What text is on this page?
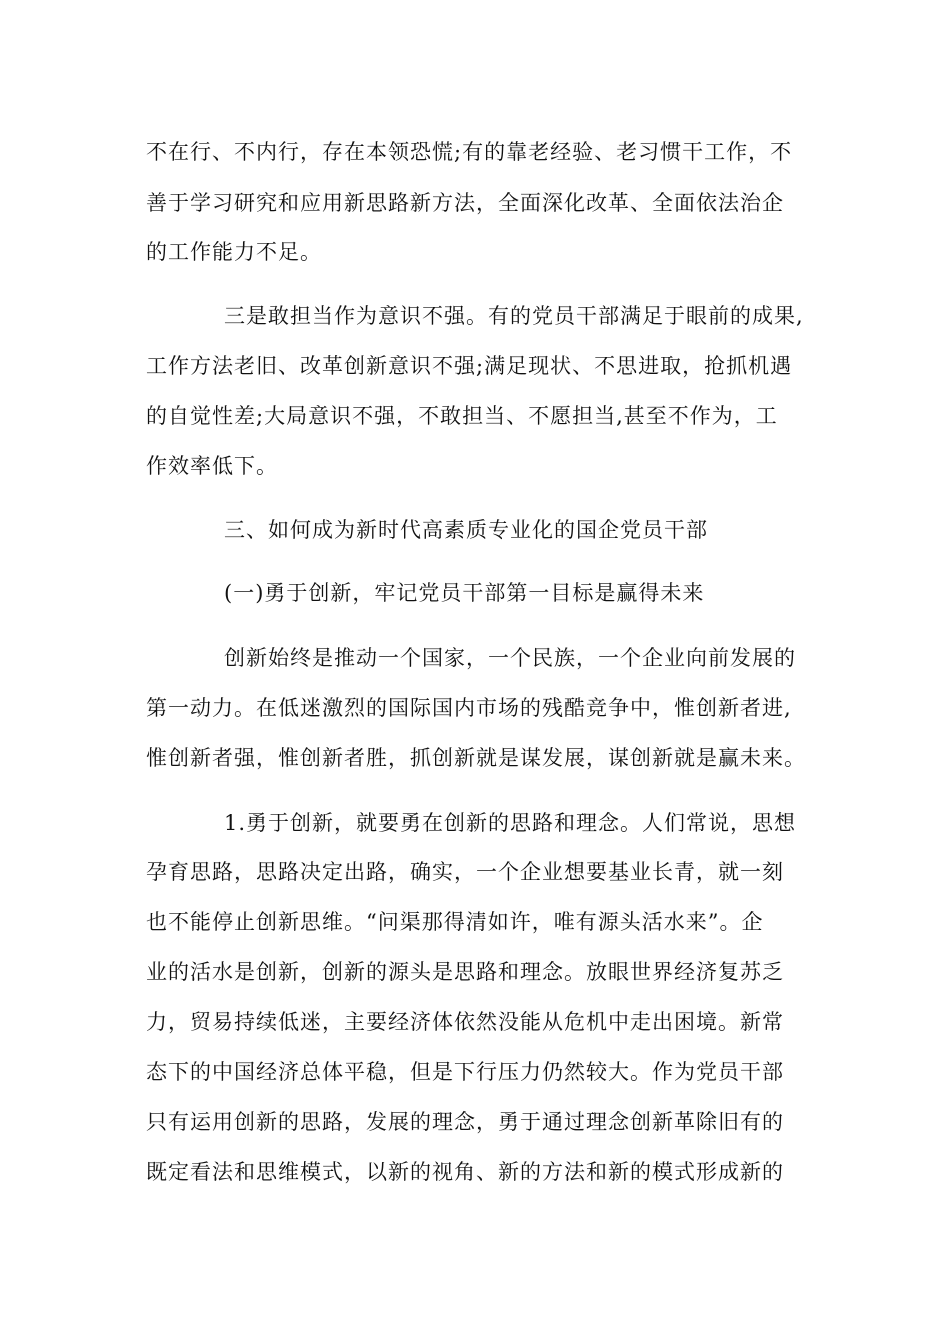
不在行、不内行，存在本领恐慌;有的靠老经验、老习惯干工作，不
善于学习研究和应用新思路新方法，全面深化改革、全面依法治企
的工作能力不足。
三是敢担当作为意识不强。有的党员干部满足于眼前的成果,
工作方法老旧、改革创新意识不强;满足现状、不思进取，抢抓机遇
的自觉性差;大局意识不强，不敢担当、不愿担当,甚至不作为，工
作效率低下。
三、如何成为新时代高素质专业化的国企党员干部
(一)勇于创新，牢记党员干部第一目标是赢得未来
创新始终是推动一个国家，一个民族，一个企业向前发展的
第一动力。在低迷激烈的国际国内市场的残酷竞争中，惟创新者进,
惟创新者强，惟创新者胜，抓创新就是谋发展，谋创新就是赢未来。
1.勇于创新，就要勇在创新的思路和理念。人们常说，思想
孕育思路，思路决定出路，确实，一个企业想要基业长青，就一刻
也不能停止创新思维。“问渠那得清如许，唯有源头活水来”。企
业的活水是创新，创新的源头是思路和理念。放眼世界经济复苏乏
力，贸易持续低迷，主要经济体依然没能从危机中走出困境。新常
态下的中国经济总体平稳，但是下行压力仍然较大。作为党员干部
只有运用创新的思路，发展的理念，勇于通过理念创新革除旧有的
既定看法和思维模式，以新的视角、新的方法和新的模式形成新的
